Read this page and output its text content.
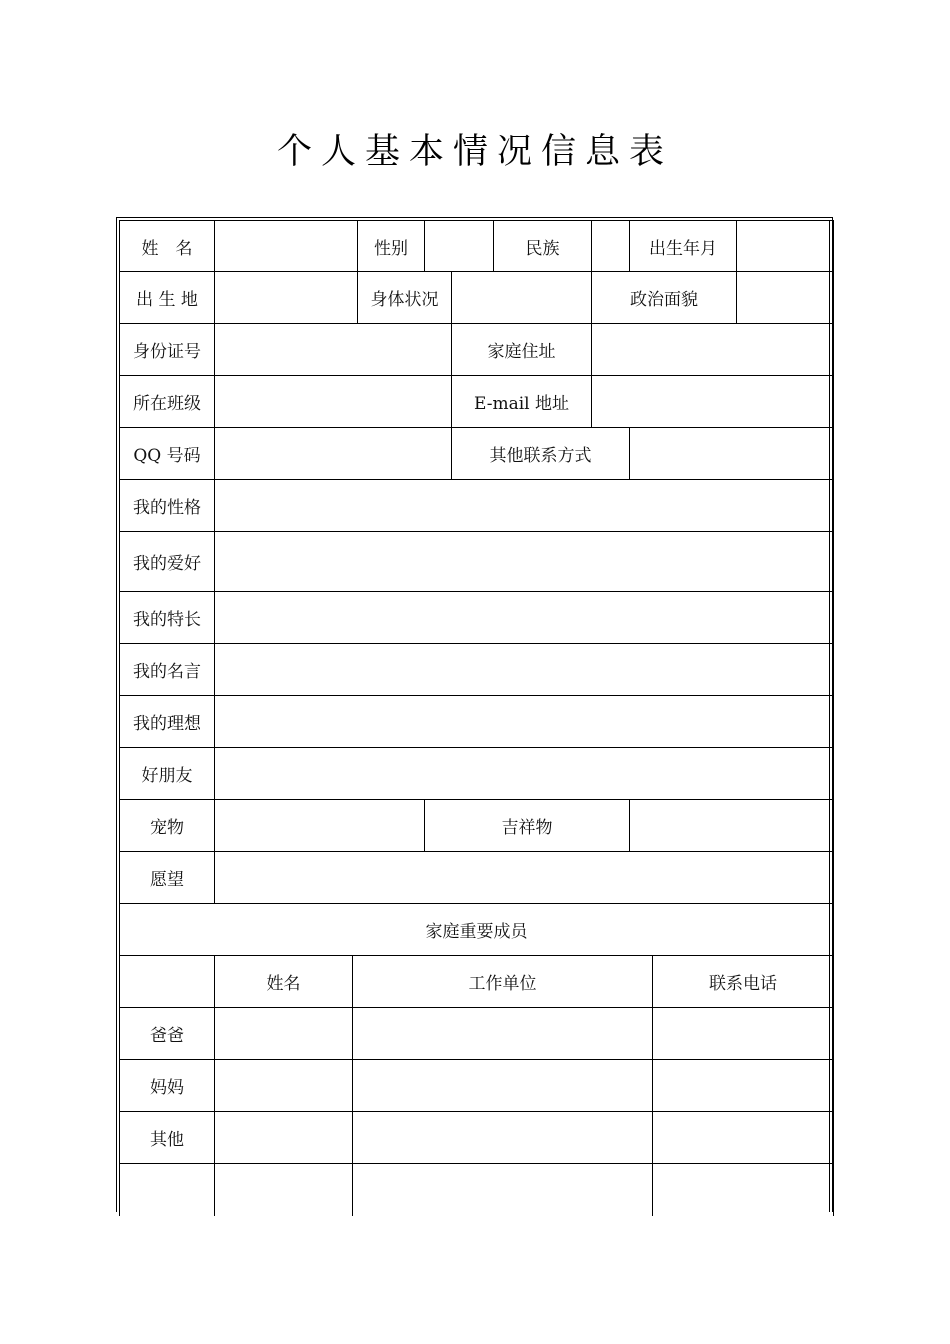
个人基本情况信息表
姓　名			性别			民族		出生年月		
出 生 地			身体状况				政治面貌			
身份证号					家庭住址					
所在班级					E-mail 地址					
QQ 号码					其他联系方式					
我的性格										
我的爱好										
我的特长										
我的名言										
我的理想										
好朋友										
宠物				吉祥物						
愿望										
家庭重要成员										
	姓名	工作单位							联系电话	
爸爸										
妈妈										
其他										
